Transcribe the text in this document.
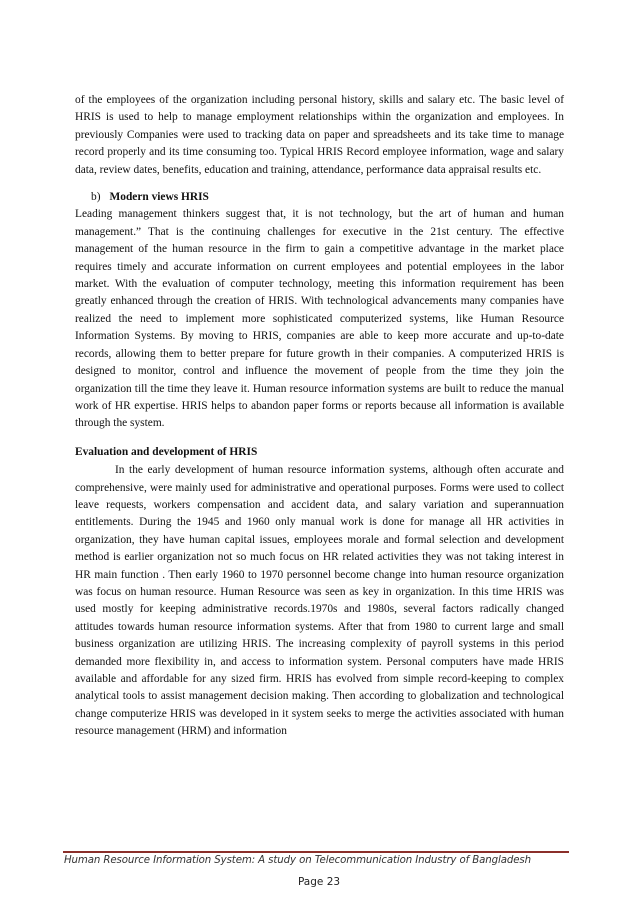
of the employees of the organization including personal history, skills and salary etc. The basic level of HRIS is used to help to manage employment relationships within the organization and employees. In previously Companies were used to tracking data on paper and spreadsheets and its take time to manage record properly and its time consuming too. Typical HRIS Record employee information, wage and salary data, review dates, benefits, education and training, attendance, performance data appraisal results etc.

b) Modern views HRIS

Leading management thinkers suggest that, it is not technology, but the art of human and human management.” That is the continuing challenges for executive in the 21st century. The effective management of the human resource in the firm to gain a competitive advantage in the market place requires timely and accurate information on current employees and potential employees in the labor market. With the evaluation of computer technology, meeting this information requirement has been greatly enhanced through the creation of HRIS. With technological advancements many companies have realized the need to implement more sophisticated computerized systems, like Human Resource Information Systems. By moving to HRIS, companies are able to keep more accurate and up-to-date records, allowing them to better prepare for future growth in their companies. A computerized HRIS is designed to monitor, control and influence the movement of people from the time they join the organization till the time they leave it. Human resource information systems are built to reduce the manual work of HR expertise. HRIS helps to abandon paper forms or reports because all information is available through the system.

Evaluation and development of HRIS

In the early development of human resource information systems, although often accurate and comprehensive, were mainly used for administrative and operational purposes. Forms were used to collect leave requests, workers compensation and accident data, and salary variation and superannuation entitlements. During the 1945 and 1960 only manual work is done for manage all HR activities in organization, they have human capital issues, employees morale and formal selection and development method is earlier organization not so much focus on HR related activities they was not taking interest in HR main function . Then early 1960 to 1970 personnel become change into human resource organization was focus on human resource. Human Resource was seen as key in organization. In this time HRIS was used mostly for keeping administrative records.1970s and 1980s, several factors radically changed attitudes towards human resource information systems. After that from 1980 to current large and small business organization are utilizing HRIS. The increasing complexity of payroll systems in this period demanded more flexibility in, and access to information system. Personal computers have made HRIS available and affordable for any sized firm. HRIS has evolved from simple record-keeping to complex analytical tools to assist management decision making. Then according to globalization and technological change computerize HRIS was developed in it system seeks to merge the activities associated with human resource management (HRM) and information

Human Resource Information System: A study on Telecommunication Industry of Bangladesh
Page 23
